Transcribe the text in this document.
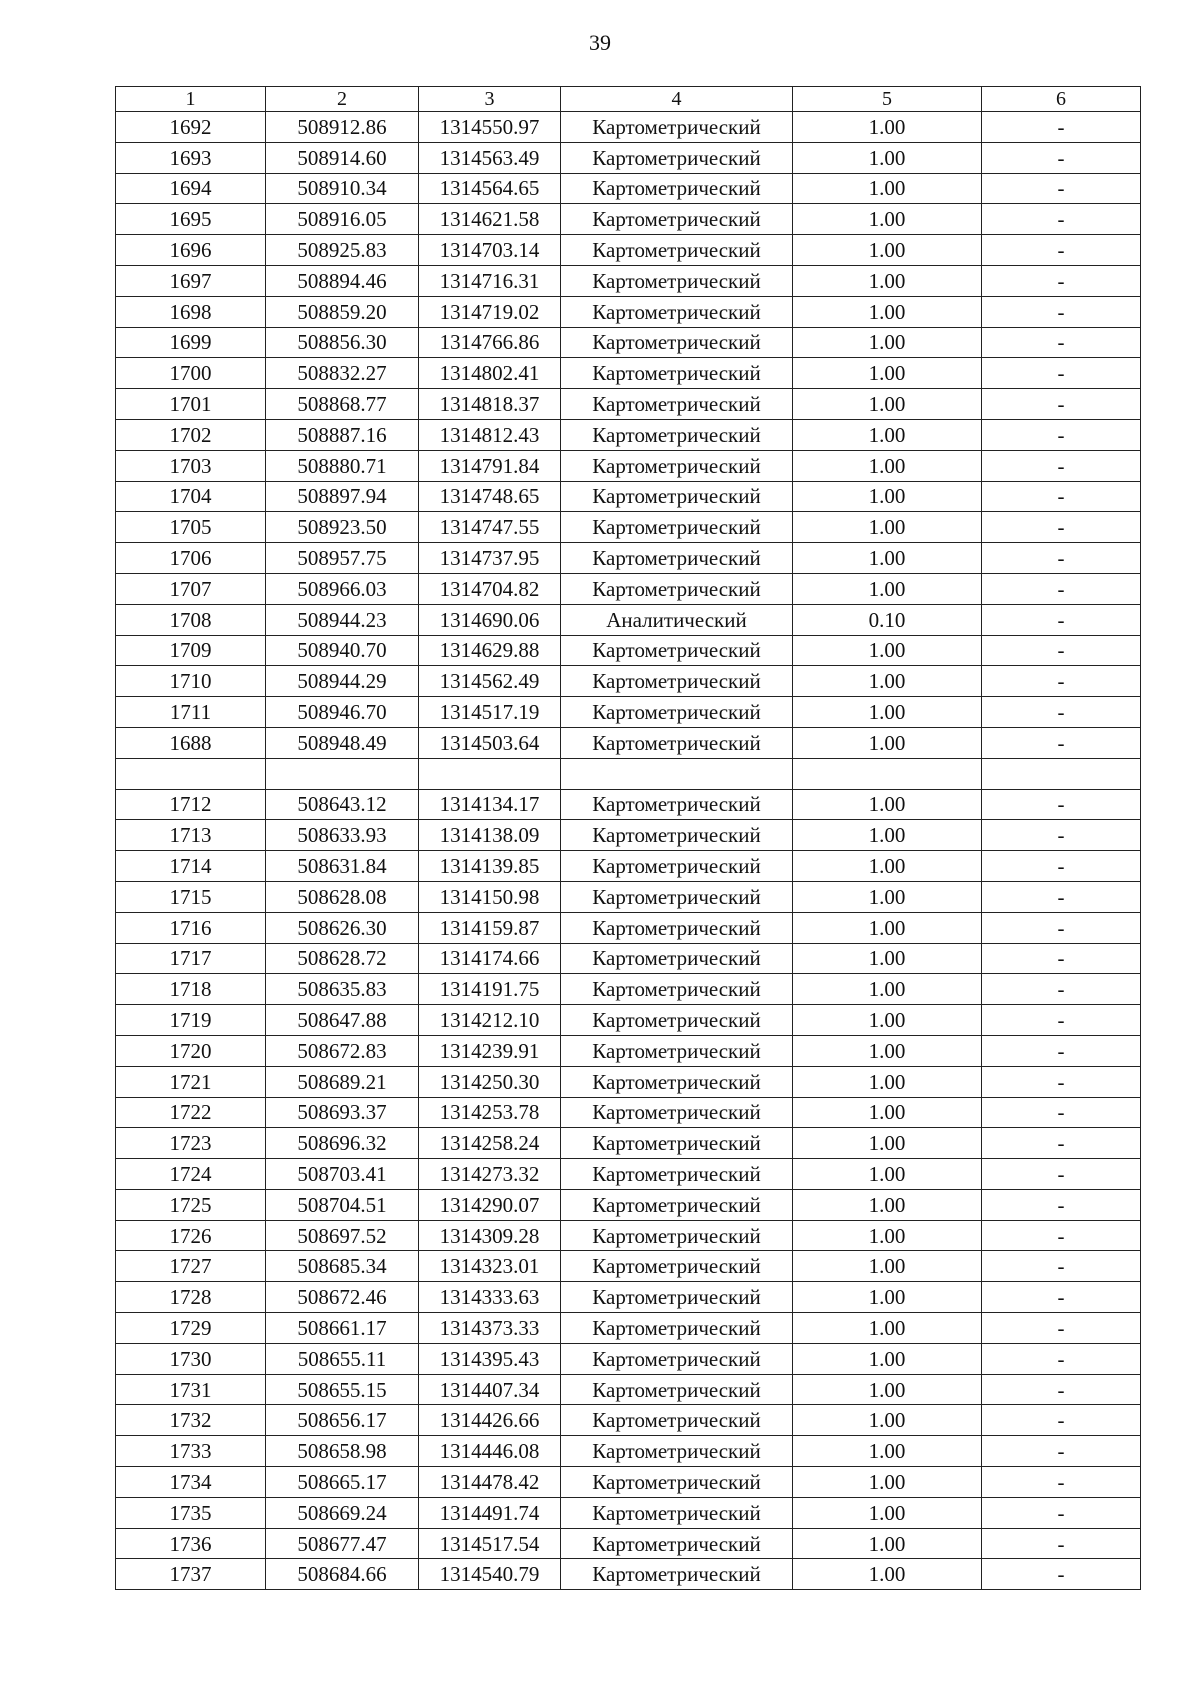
39
1	2	3	4	5	6
1692	508912.86	1314550.97	Картометрический	1.00	-
1693	508914.60	1314563.49	Картометрический	1.00	-
1694	508910.34	1314564.65	Картометрический	1.00	-
1695	508916.05	1314621.58	Картометрический	1.00	-
1696	508925.83	1314703.14	Картометрический	1.00	-
1697	508894.46	1314716.31	Картометрический	1.00	-
1698	508859.20	1314719.02	Картометрический	1.00	-
1699	508856.30	1314766.86	Картометрический	1.00	-
1700	508832.27	1314802.41	Картометрический	1.00	-
1701	508868.77	1314818.37	Картометрический	1.00	-
1702	508887.16	1314812.43	Картометрический	1.00	-
1703	508880.71	1314791.84	Картометрический	1.00	-
1704	508897.94	1314748.65	Картометрический	1.00	-
1705	508923.50	1314747.55	Картометрический	1.00	-
1706	508957.75	1314737.95	Картометрический	1.00	-
1707	508966.03	1314704.82	Картометрический	1.00	-
1708	508944.23	1314690.06	Аналитический	0.10	-
1709	508940.70	1314629.88	Картометрический	1.00	-
1710	508944.29	1314562.49	Картометрический	1.00	-
1711	508946.70	1314517.19	Картометрический	1.00	-
1688	508948.49	1314503.64	Картометрический	1.00	-

1712	508643.12	1314134.17	Картометрический	1.00	-
1713	508633.93	1314138.09	Картометрический	1.00	-
1714	508631.84	1314139.85	Картометрический	1.00	-
1715	508628.08	1314150.98	Картометрический	1.00	-
1716	508626.30	1314159.87	Картометрический	1.00	-
1717	508628.72	1314174.66	Картометрический	1.00	-
1718	508635.83	1314191.75	Картометрический	1.00	-
1719	508647.88	1314212.10	Картометрический	1.00	-
1720	508672.83	1314239.91	Картометрический	1.00	-
1721	508689.21	1314250.30	Картометрический	1.00	-
1722	508693.37	1314253.78	Картометрический	1.00	-
1723	508696.32	1314258.24	Картометрический	1.00	-
1724	508703.41	1314273.32	Картометрический	1.00	-
1725	508704.51	1314290.07	Картометрический	1.00	-
1726	508697.52	1314309.28	Картометрический	1.00	-
1727	508685.34	1314323.01	Картометрический	1.00	-
1728	508672.46	1314333.63	Картометрический	1.00	-
1729	508661.17	1314373.33	Картометрический	1.00	-
1730	508655.11	1314395.43	Картометрический	1.00	-
1731	508655.15	1314407.34	Картометрический	1.00	-
1732	508656.17	1314426.66	Картометрический	1.00	-
1733	508658.98	1314446.08	Картометрический	1.00	-
1734	508665.17	1314478.42	Картометрический	1.00	-
1735	508669.24	1314491.74	Картометрический	1.00	-
1736	508677.47	1314517.54	Картометрический	1.00	-
1737	508684.66	1314540.79	Картометрический	1.00	-
